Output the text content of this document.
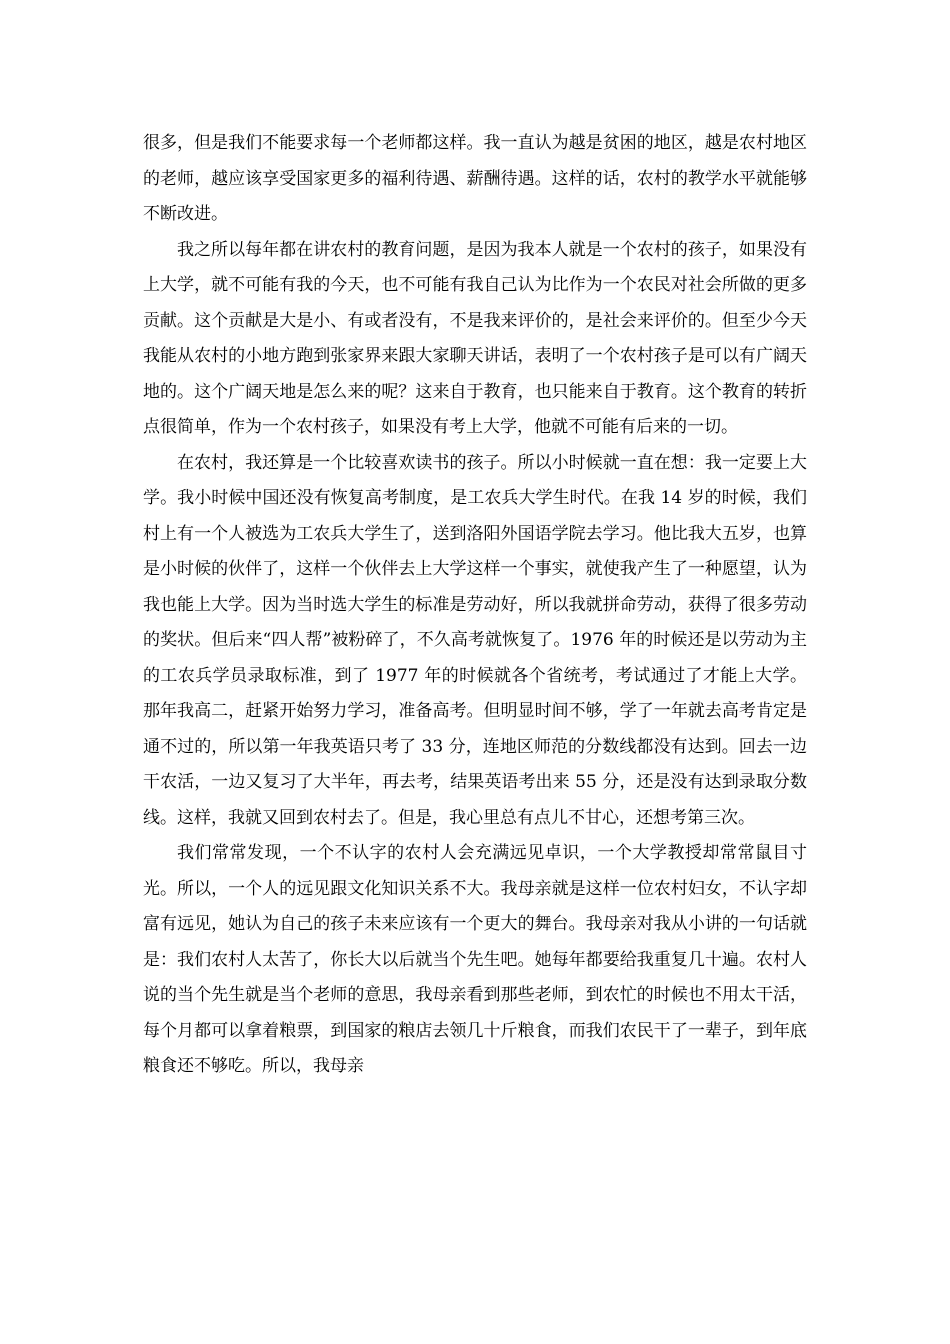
很多，但是我们不能要求每一个老师都这样。我一直认为越是贫困的地区，越是农村地区的老师，越应该享受国家更多的福利待遇、薪酬待遇。这样的话，农村的教学水平就能够不断改进。

我之所以每年都在讲农村的教育问题，是因为我本人就是一个农村的孩子，如果没有上大学，就不可能有我的今天，也不可能有我自己认为比作为一个农民对社会所做的更多贡献。这个贡献是大是小、有或者没有，不是我来评价的，是社会来评价的。但至少今天我能从农村的小地方跑到张家界来跟大家聊天讲话，表明了一个农村孩子是可以有广阔天地的。这个广阔天地是怎么来的呢？这来自于教育，也只能来自于教育。这个教育的转折点很简单，作为一个农村孩子，如果没有考上大学，他就不可能有后来的一切。

在农村，我还算是一个比较喜欢读书的孩子。所以小时候就一直在想：我一定要上大学。我小时候中国还没有恢复高考制度，是工农兵大学生时代。在我 14 岁的时候，我们村上有一个人被选为工农兵大学生了，送到洛阳外国语学院去学习。他比我大五岁，也算是小时候的伙伴了，这样一个伙伴去上大学这样一个事实，就使我产生了一种愿望，认为我也能上大学。因为当时选大学生的标准是劳动好，所以我就拼命劳动，获得了很多劳动的奖状。但后来“四人帮”被粉碎了，不久高考就恢复了。1976 年的时候还是以劳动为主的工农兵学员录取标准，到了 1977 年的时候就各个省统考，考试通过了才能上大学。那年我高二，赶紧开始努力学习，准备高考。但明显时间不够，学了一年就去高考肯定是通不过的，所以第一年我英语只考了 33 分，连地区师范的分数线都没有达到。回去一边干农活，一边又复习了大半年，再去考，结果英语考出来 55 分，还是没有达到录取分数线。这样，我就又回到农村去了。但是，我心里总有点儿不甘心，还想考第三次。

我们常常发现，一个不认字的农村人会充满远见卓识，一个大学教授却常常鼠目寸光。所以，一个人的远见跟文化知识关系不大。我母亲就是这样一位农村妇女，不认字却富有远见，她认为自己的孩子未来应该有一个更大的舞台。我母亲对我从小讲的一句话就是：我们农村人太苦了，你长大以后就当个先生吧。她每年都要给我重复几十遍。农村人说的当个先生就是当个老师的意思，我母亲看到那些老师，到农忙的时候也不用太干活，每个月都可以拿着粮票，到国家的粮店去领几十斤粮食，而我们农民干了一辈子，到年底粮食还不够吃。所以，我母亲
